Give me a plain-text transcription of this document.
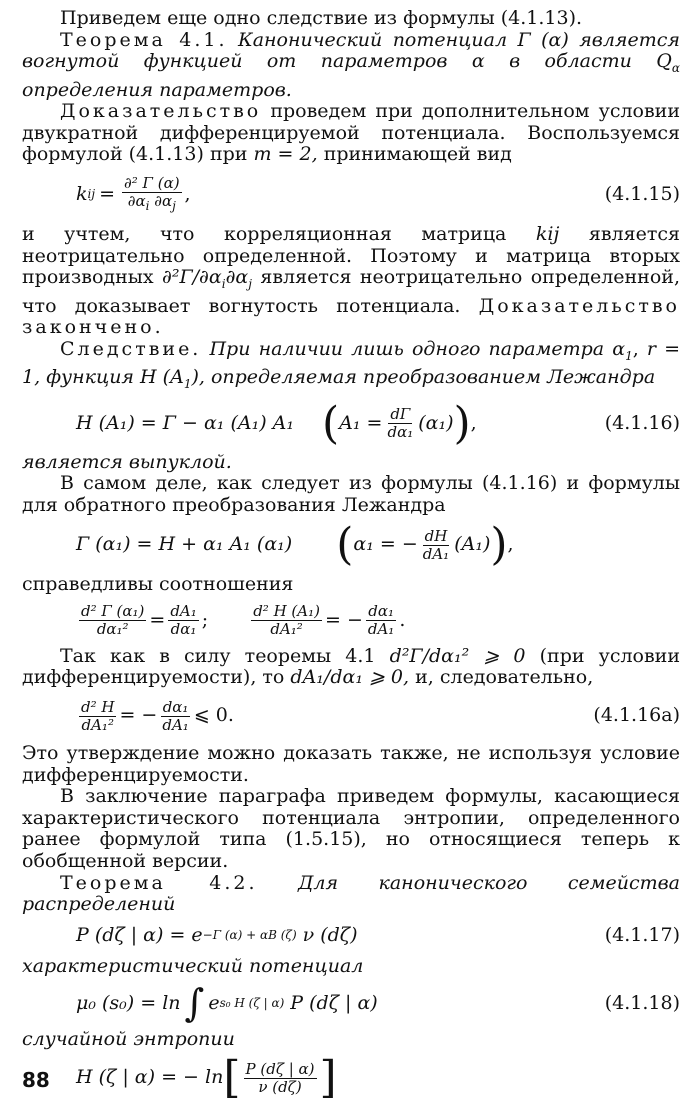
Приведем еще одно следствие из формулы (4.1.13).

Теорема 4.1. Канонический потенциал Γ (α) является вогнутой функцией от параметров α в области $Q_\alpha$ определения параметров.

Доказательство проведем при дополнительном условии двукратной дифференцируемой потенциала. Воспользуемся формулой (4.1.13) при m = 2, принимающей вид

k ij = $\frac{\text{∂² Γ (α)}}{\partial\alpha_i \partial\alpha_j}$ ,	(4.1.15)

и учтем, что корреляционная матрица kij является неотрицательно определенной. Поэтому и матрица вторых производных $\partial^2\Gamma/\partial\alpha_i\partial\alpha_j$ является неотрицательно определенной, что доказывает вогнутость потенциала. Доказательство закончено.

Следствие. При наличии лишь одного параметра $\alpha_1$, r = 1, функция H $(A_1)$, определяемая преобразованием Лежандра

H (A₁) = Γ − α₁ (A₁) A₁ ( $A_1 = \frac{d\Gamma}{\text{dα₁}} (\alpha_1)$ ) ,	(4.1.16)

является выпуклой.

В самом деле, как следует из формулы (4.1.16) и формулы для обратного преобразования Лежандра

Γ (α₁) = H + α₁ A₁ (α₁) ( α₁ = − $\frac{dH}{\text{dA₁}} (A_1)$ ) ,

справедливы соотношения

$\frac{\text{d² Γ (α₁)}}{\text{dα₁²}} = \frac{\text{dA₁}}{\text{dα₁}}$ ;	$\frac{\text{d² H (A₁)}}{\text{dA₁²}}$ = − $\frac{\text{dα₁}}{\text{dA₁}}$ .

Так как в силу теоремы 4.1 d²Γ/dα₁² ⩾ 0 (при условии дифференцируемости), то dA₁/dα₁ ⩾ 0, и, следовательно,

$\frac{\text{d² H}}{\text{dA₁²}}$ = − $\frac{\text{dα₁}}{\text{dA₁}}$ ⩽ 0.	(4.1.16a)

Это утверждение можно доказать также, не используя условие дифференцируемости.

В заключение параграфа приведем формулы, касающиеся характеристического потенциала энтропии, определенного ранее формулой типа (1.5.15), но относящиеся теперь к обобщенной версии.

Теорема 4.2. Для канонического семейства распределений

P (dζ | α) = e −Γ (α) + αB (ζ) ν (dζ)	(4.1.17)

характеристический потенциал

μ₀ (s₀) = ln ∫ e s₀ H (ζ | α) P (dζ | α)	(4.1.18)

случайной энтропии

H (ζ | α) = − ln [ $\frac{P (d\zeta | \alpha)}{\nu (d\zeta)}$ ]
88
